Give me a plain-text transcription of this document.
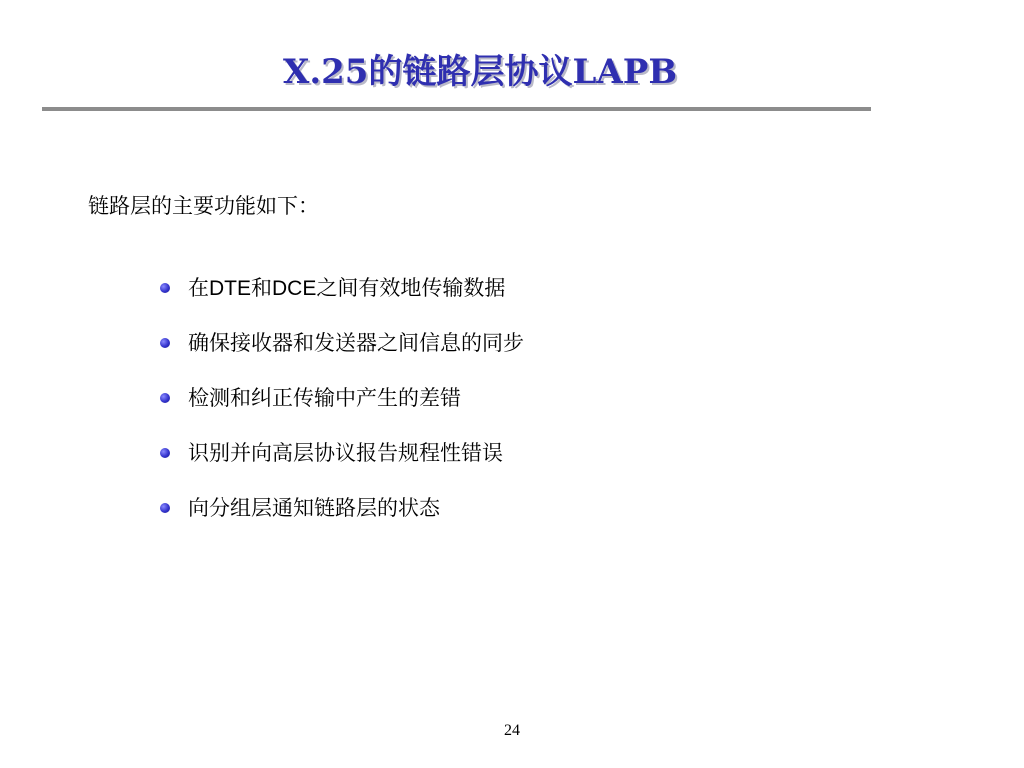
X.25的链路层协议LAPB
链路层的主要功能如下：
在DTE和DCE之间有效地传输数据
确保接收器和发送器之间信息的同步
检测和纠正传输中产生的差错
识别并向高层协议报告规程性错误
向分组层通知链路层的状态
24
